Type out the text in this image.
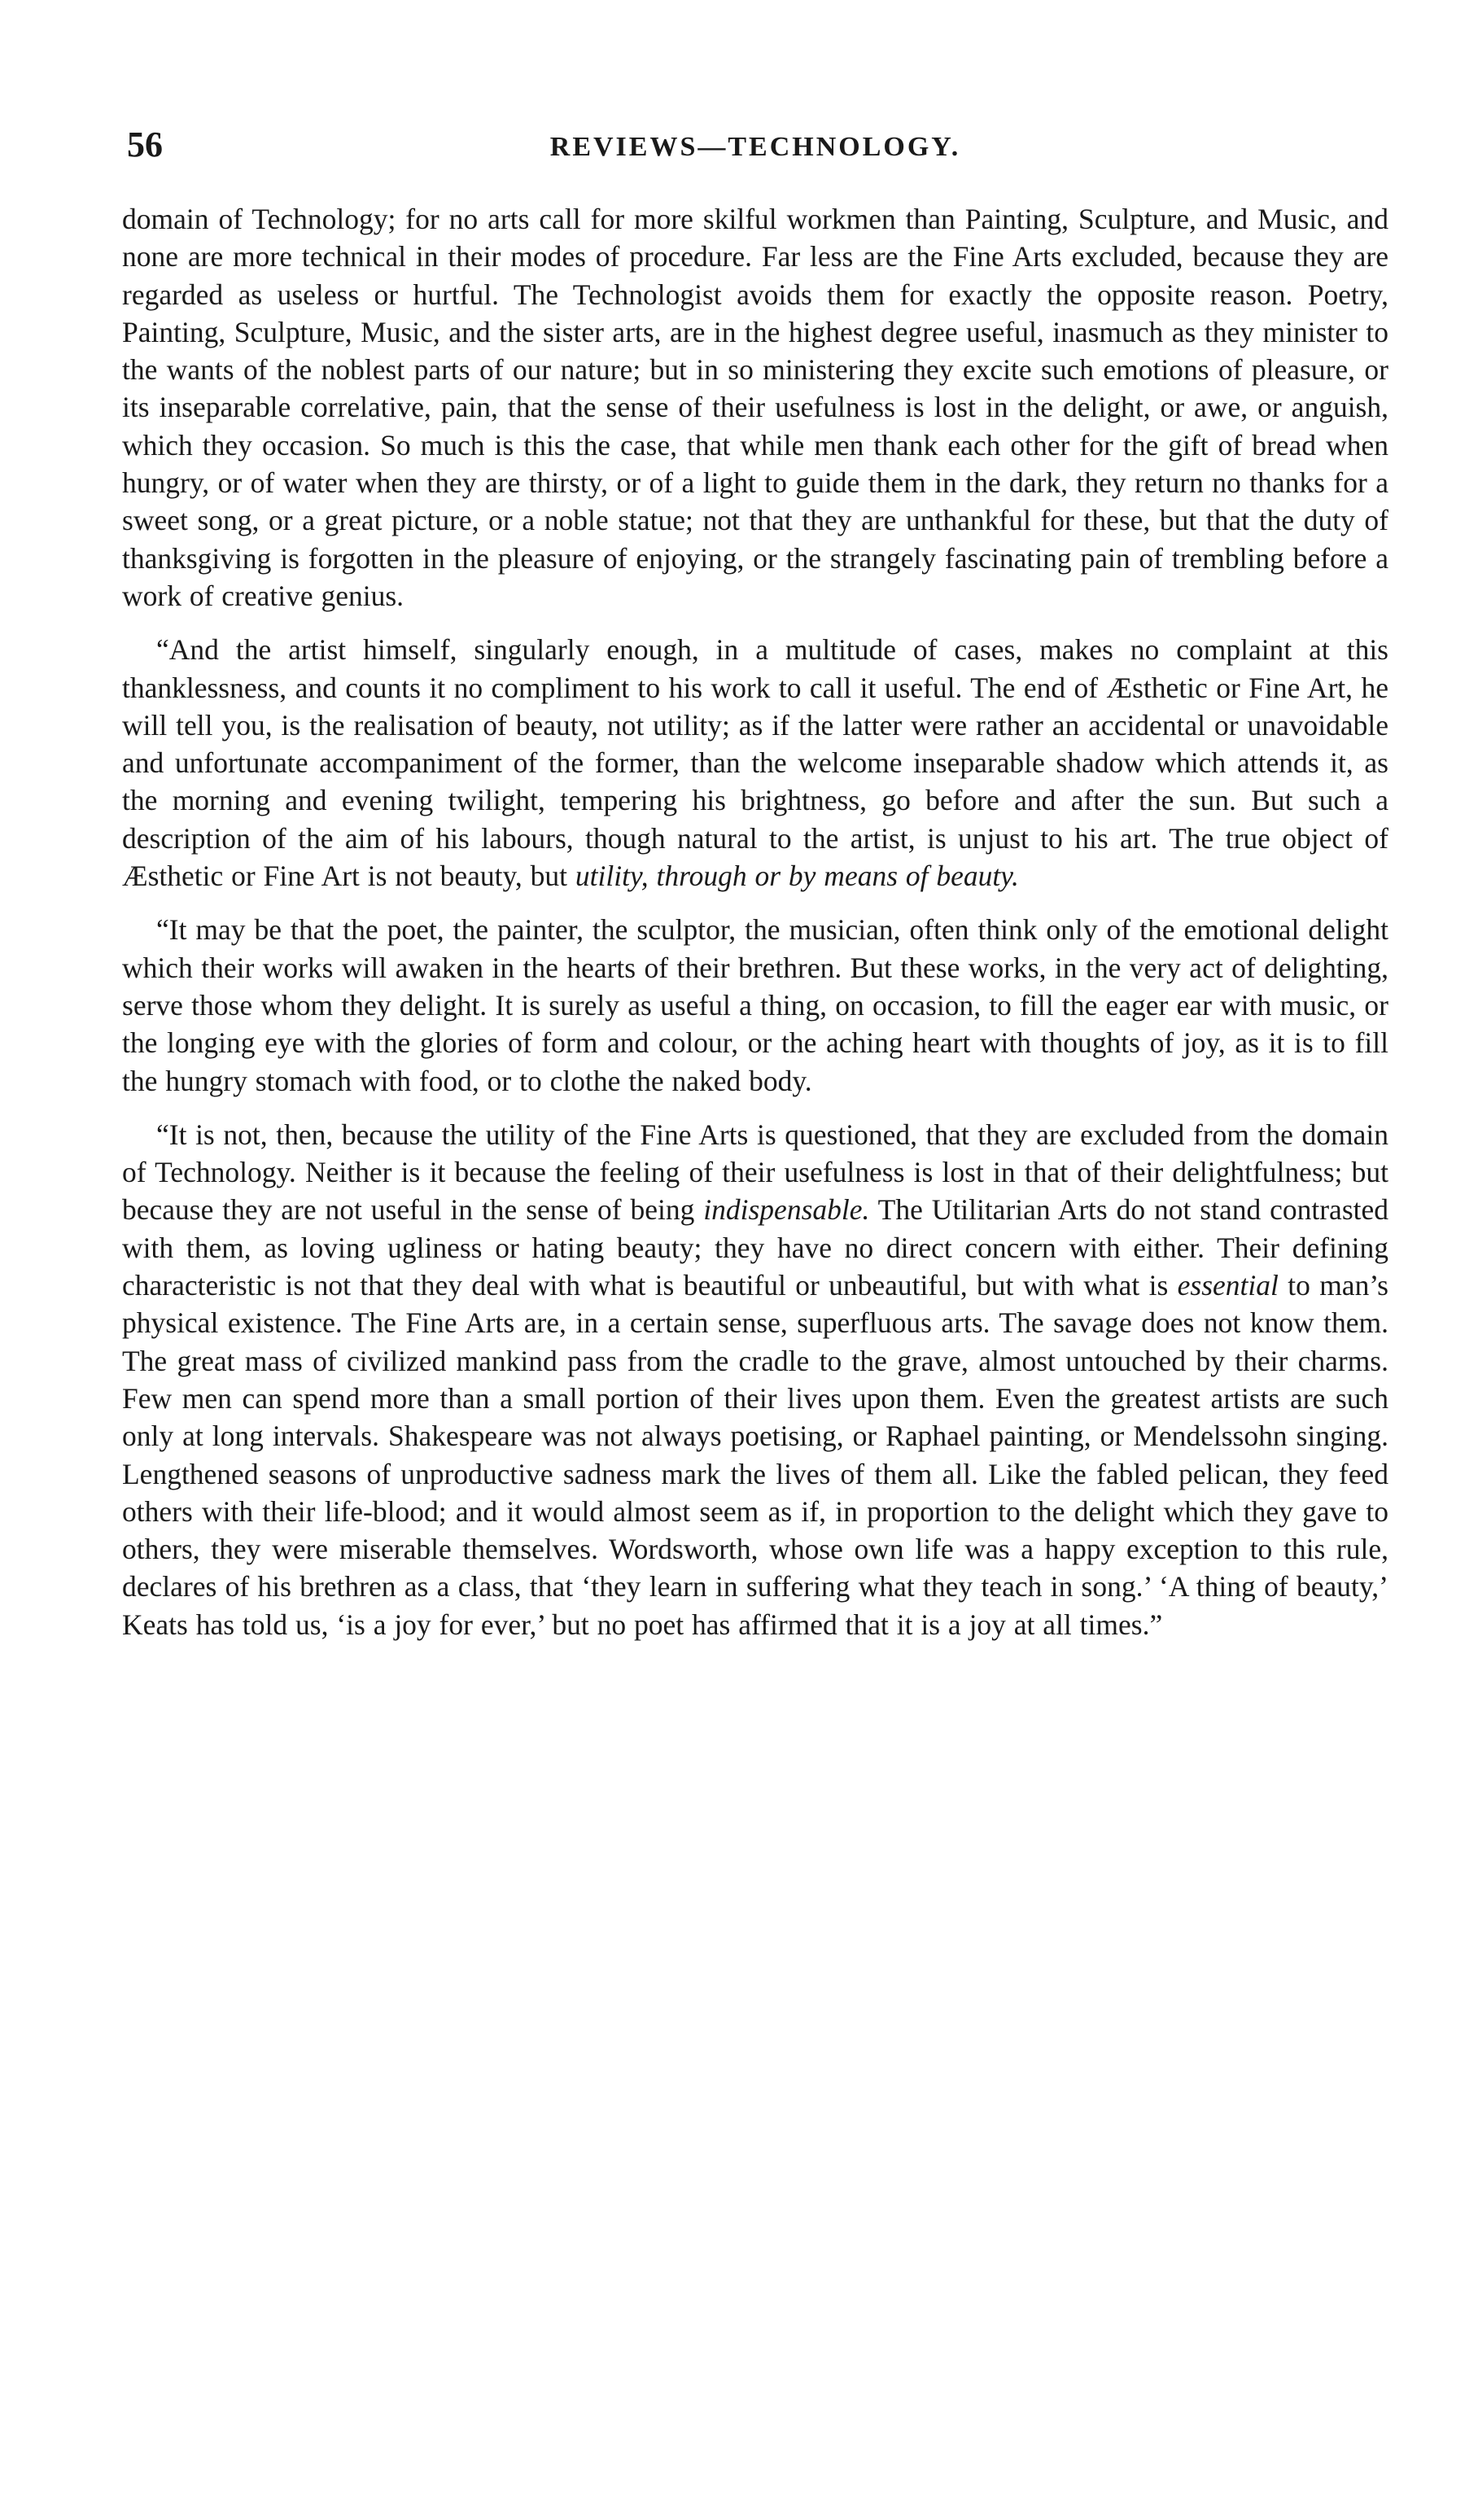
56	REVIEWS—TECHNOLOGY.

domain of Technology; for no arts call for more skilful workmen than Painting, Sculpture, and Music, and none are more technical in their modes of procedure. Far less are the Fine Arts excluded, because they are regarded as useless or hurtful. The Technologist avoids them for exactly the opposite reason. Poetry, Painting, Sculpture, Music, and the sister arts, are in the highest degree useful, inasmuch as they minister to the wants of the noblest parts of our nature; but in so ministering they excite such emotions of pleasure, or its inseparable correlative, pain, that the sense of their usefulness is lost in the delight, or awe, or anguish, which they occasion. So much is this the case, that while men thank each other for the gift of bread when hungry, or of water when they are thirsty, or of a light to guide them in the dark, they return no thanks for a sweet song, or a great picture, or a noble statue; not that they are unthankful for these, but that the duty of thanksgiving is forgotten in the pleasure of enjoying, or the strangely fascinating pain of trembling before a work of creative genius.

“And the artist himself, singularly enough, in a multitude of cases, makes no complaint at this thanklessness, and counts it no compliment to his work to call it useful. The end of Æsthetic or Fine Art, he will tell you, is the realisation of beauty, not utility; as if the latter were rather an accidental or unavoidable and unfortunate accompaniment of the former, than the welcome inseparable shadow which attends it, as the morning and evening twilight, tempering his brightness, go before and after the sun. But such a description of the aim of his labours, though natural to the artist, is unjust to his art. The true object of Æsthetic or Fine Art is not beauty, but utility, through or by means of beauty.

“It may be that the poet, the painter, the sculptor, the musician, often think only of the emotional delight which their works will awaken in the hearts of their brethren. But these works, in the very act of delighting, serve those whom they delight. It is surely as useful a thing, on occasion, to fill the eager ear with music, or the longing eye with the glories of form and colour, or the aching heart with thoughts of joy, as it is to fill the hungry stomach with food, or to clothe the naked body.

“It is not, then, because the utility of the Fine Arts is questioned, that they are excluded from the domain of Technology. Neither is it because the feeling of their usefulness is lost in that of their delightfulness; but because they are not useful in the sense of being indispensable. The Utilitarian Arts do not stand contrasted with them, as loving ugliness or hating beauty; they have no direct concern with either. Their defining characteristic is not that they deal with what is beautiful or unbeautiful, but with what is essential to man’s physical existence. The Fine Arts are, in a certain sense, superfluous arts. The savage does not know them. The great mass of civilized mankind pass from the cradle to the grave, almost untouched by their charms. Few men can spend more than a small portion of their lives upon them. Even the greatest artists are such only at long intervals. Shakespeare was not always poetising, or Raphael painting, or Mendelssohn singing. Lengthened seasons of unproductive sadness mark the lives of them all. Like the fabled pelican, they feed others with their life-blood; and it would almost seem as if, in proportion to the delight which they gave to others, they were miserable themselves. Wordsworth, whose own life was a happy exception to this rule, declares of his brethren as a class, that ‘they learn in suffering what they teach in song.’ ‘A thing of beauty,’ Keats has told us, ‘is a joy for ever,’ but no poet has affirmed that it is a joy at all times.”
